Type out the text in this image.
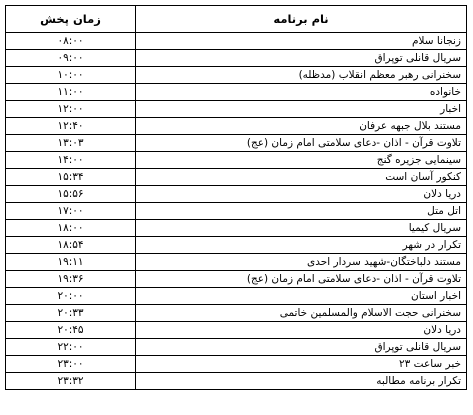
نام برنامه	زمان پخش
زنجانا سلام	۰۸:۰۰
سریال قانلی توپراق	۰۹:۰۰
سخنرانی رهبر معظم انقلاب (مدظله)	۱۰:۰۰
خانواده	۱۱:۰۰
اخبار	۱۲:۰۰
مستند بلال جبهه عرفان	۱۲:۴۰
تلاوت قرآن - اذان -دعای سلامتی امام زمان (عج)	۱۳:۰۳
سینمایی جزیره گنج	۱۴:۰۰
کنکور آسان است	۱۵:۳۴
دریا دلان	۱۵:۵۶
اتل متل	۱۷:۰۰
سریال کیمیا	۱۸:۰۰
تکرار در شهر	۱۸:۵۴
مستند دلباختگان-شهید سردار احدی	۱۹:۱۱
تلاوت قرآن - اذان -دعای سلامتی امام زمان (عج)	۱۹:۳۶
اخبار استان	۲۰:۰۰
سخنرانی حجت الاسلام والمسلمین خاتمی	۲۰:۳۳
دریا دلان	۲۰:۴۵
سریال قانلی توپراق	۲۲:۰۰
خبر ساعت ۲۳	۲۳:۰۰
تکرار برنامه مطالبه	۲۳:۳۲
